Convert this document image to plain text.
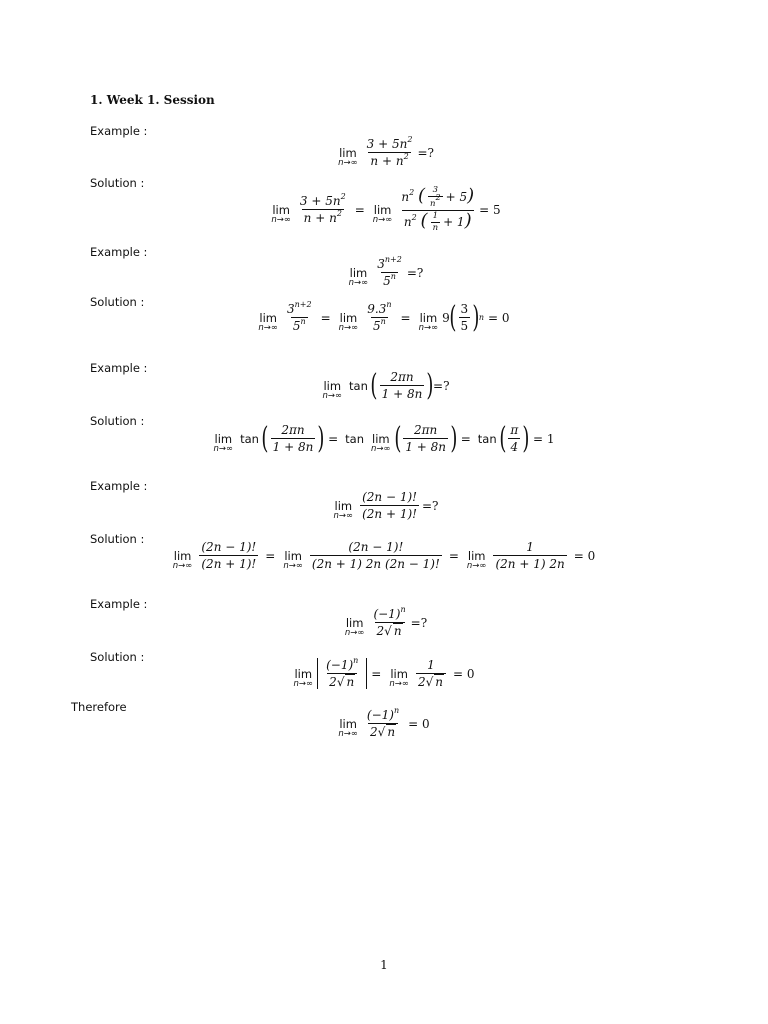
1. Week 1. Session
Example :
lim
$n\to\infty \frac{3 + 5n^2}{n + n^2}$ =?
Solution :
lim
$n\to\infty \frac{3 + 5n^2}{n + n^2} = \lim$
$n\to\infty \frac{n^2 ( \frac{3}{n^2} + 5)}{n^2 ( \frac{1}{n} + 1)} = 5$
Example :
lim
$n\to\infty \frac{3^{n+2}}{5^n}$ =?
Solution :
lim
$n\to\infty \frac{3^{n+2}}{5^n} = \lim$
$n\to\infty \frac{9.3^n}{5^n} = \lim$
n→∞
9 ( $\frac{3}{5}$ ) n = 0
Example :
lim
n→∞
tan ( $\frac{2\pi n}{1 + 8n}$ ) =?
Solution :
lim
n→∞
tan ( $\frac{2\pi n}{1 + 8n}$ ) = tan lim
n→∞ ( $\frac{2\pi n}{1 + 8n}$ ) = tan ( $\frac{\pi}{4}$ ) = 1
Example :
lim
$n\to\infty \frac{(2n - 1)!}{(2n + 1)!}$ =?
Solution :
lim
$n\to\infty \frac{(2n - 1)!}{(2n + 1)!} = \lim$
$n\to\infty \frac{(2n - 1)!}{(2n + 1) 2n (2n - 1)!} = \lim$
$n\to\infty \frac{1}{(2n + 1) 2n} = 0$
Example :
lim
$n\to\infty \frac{(-1)^n}{2√ n}$ =?
Solution :
lim
$n\to\infty \frac{(-1)^n}{2√ n} = \lim$
$n\to\infty \frac{1}{2√ n} = 0$
Therefore
lim
$n\to\infty \frac{(-1)^n}{2√ n} = 0$
1
